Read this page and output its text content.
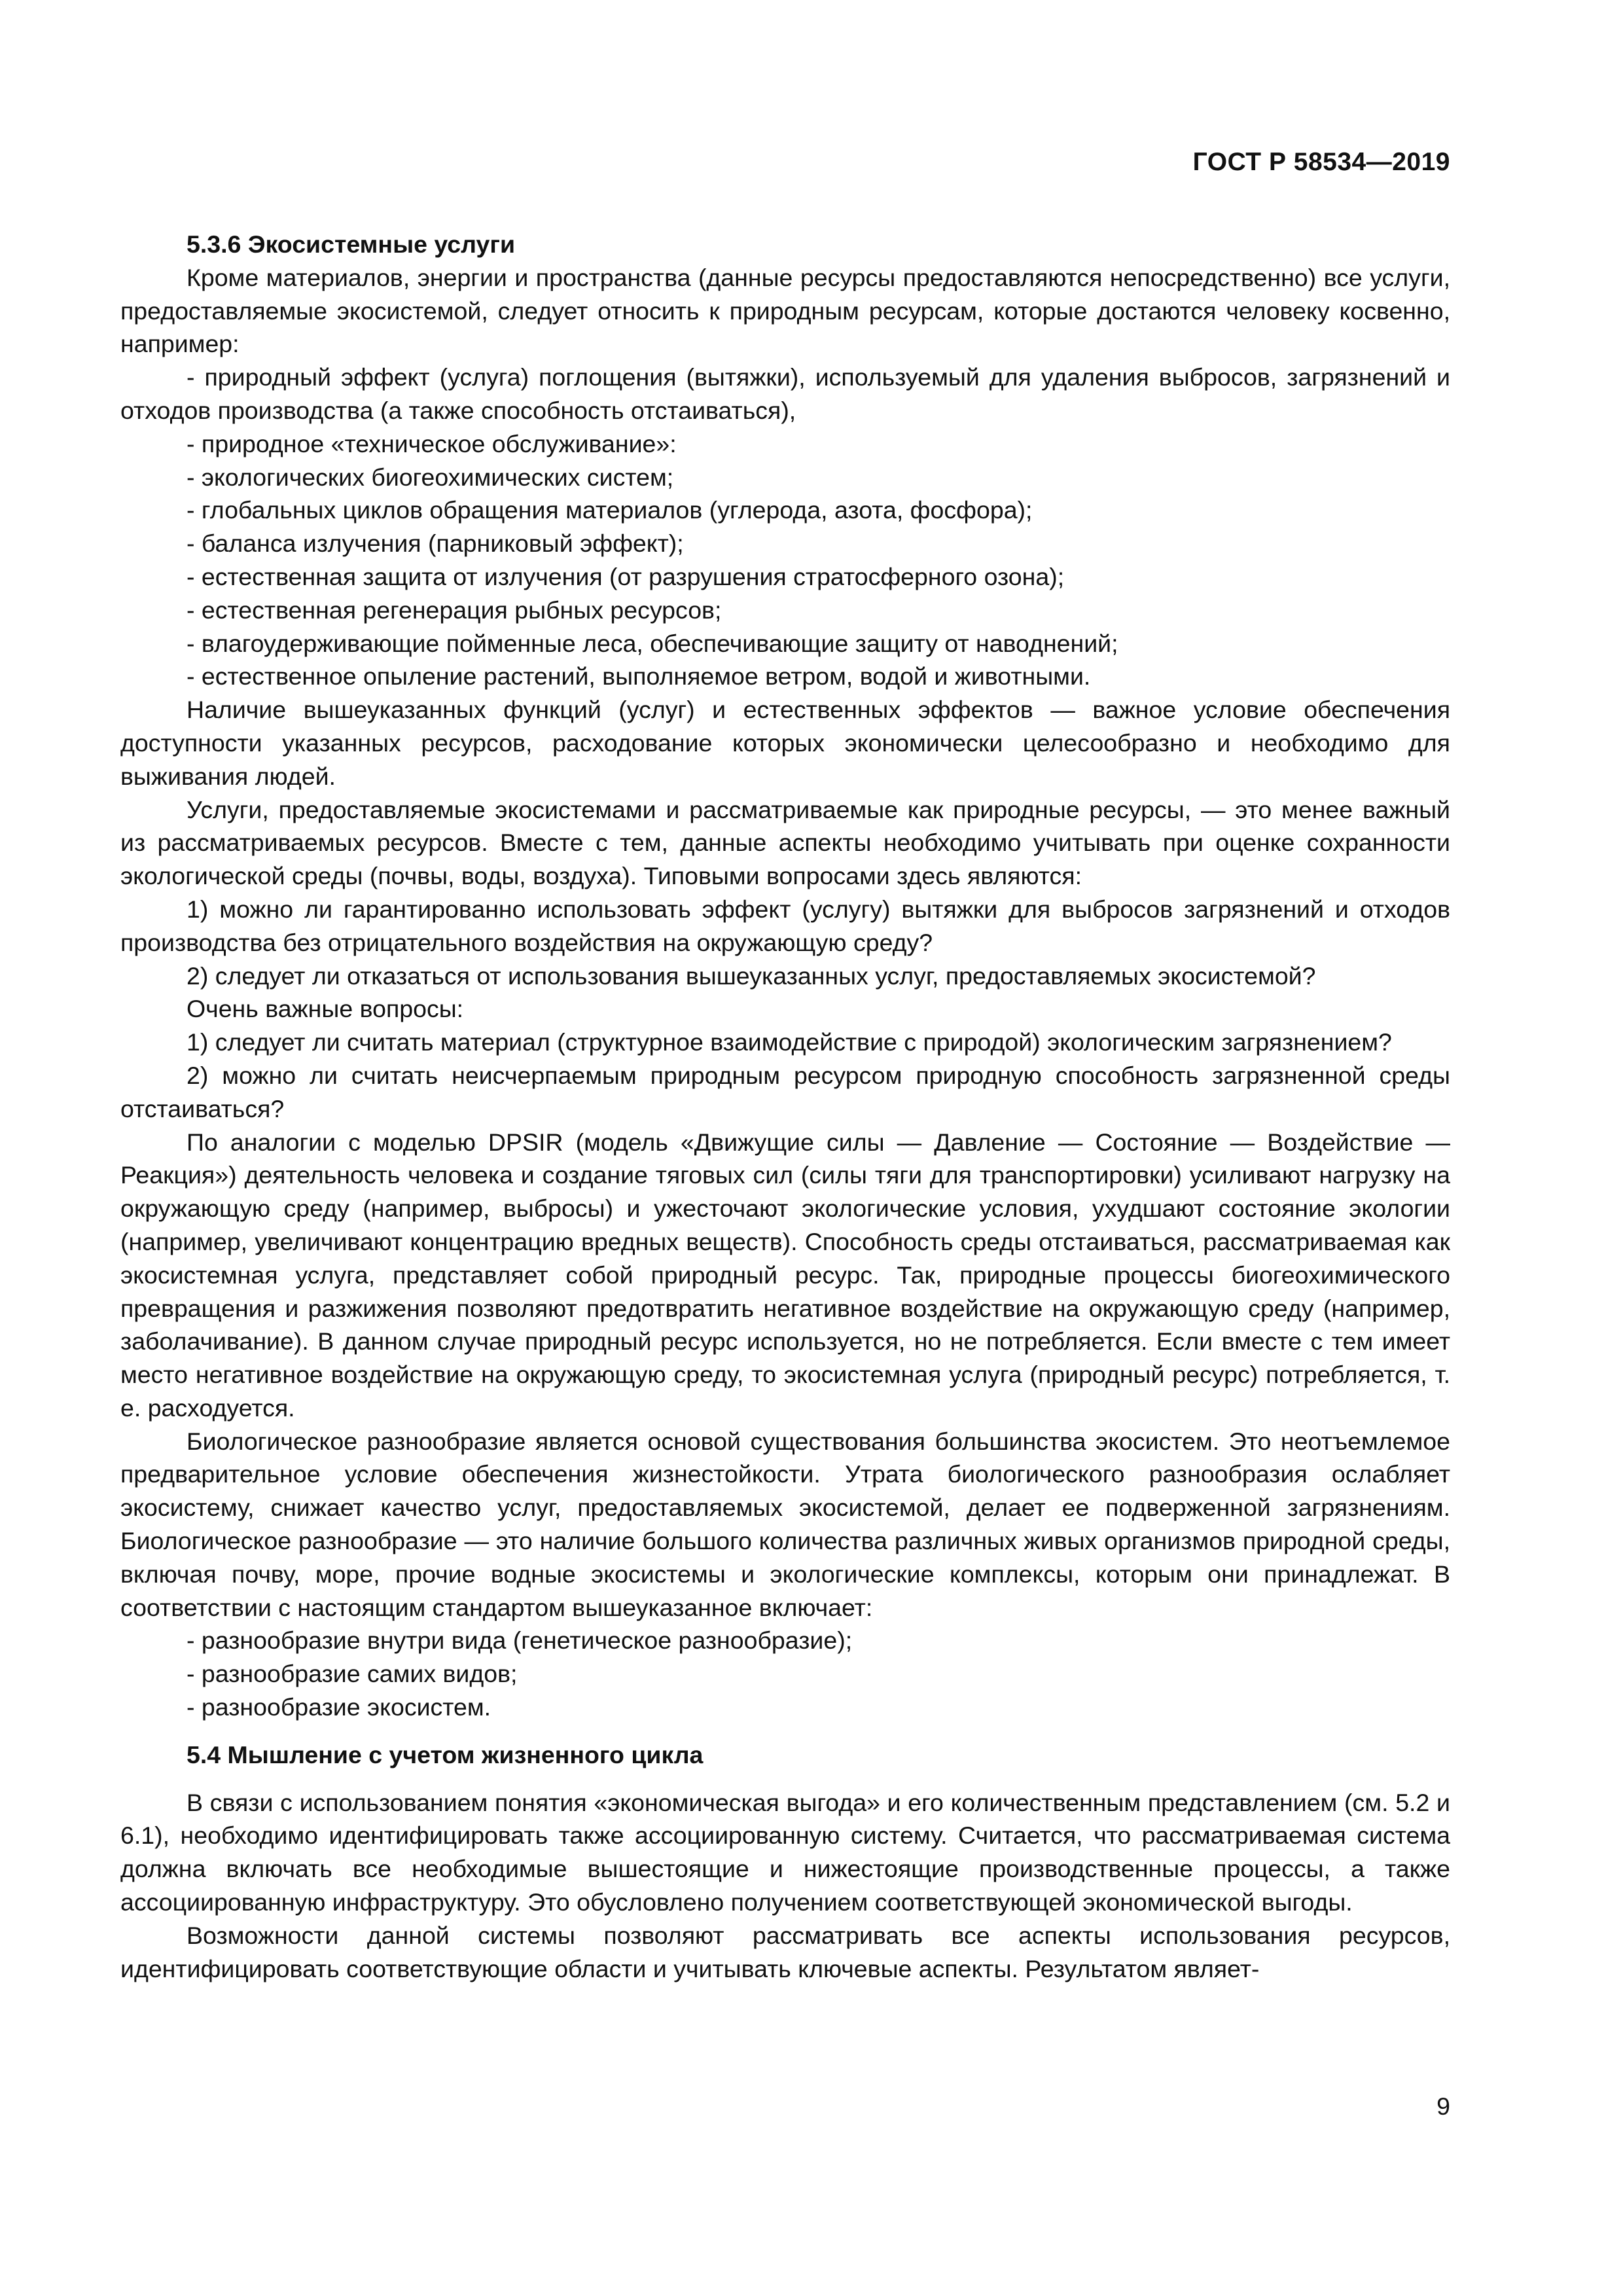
ГОСТ Р 58534—2019
5.3.6 Экосистемные услуги

Кроме материалов, энергии и пространства (данные ресурсы предоставляются непосредственно) все услуги, предоставляемые экосистемой, следует относить к природным ресурсам, которые достаются человеку косвенно, например:

- природный эффект (услуга) поглощения (вытяжки), используемый для удаления выбросов, загрязнений и отходов производства (а также способность отстаиваться),
- природное «техническое обслуживание»:
- экологических биогеохимических систем;
- глобальных циклов обращения материалов (углерода, азота, фосфора);
- баланса излучения (парниковый эффект);
- естественная защита от излучения (от разрушения стратосферного озона);
- естественная регенерация рыбных ресурсов;
- влагоудерживающие пойменные леса, обеспечивающие защиту от наводнений;
- естественное опыление растений, выполняемое ветром, водой и животными.

Наличие вышеуказанных функций (услуг) и естественных эффектов — важное условие обеспечения доступности указанных ресурсов, расходование которых экономически целесообразно и необходимо для выживания людей.

Услуги, предоставляемые экосистемами и рассматриваемые как природные ресурсы, — это менее важный из рассматриваемых ресурсов. Вместе с тем, данные аспекты необходимо учитывать при оценке сохранности экологической среды (почвы, воды, воздуха). Типовыми вопросами здесь являются:

1) можно ли гарантированно использовать эффект (услугу) вытяжки для выбросов загрязнений и отходов производства без отрицательного воздействия на окружающую среду?

2) следует ли отказаться от использования вышеуказанных услуг, предоставляемых экосистемой?

Очень важные вопросы:

1) следует ли считать материал (структурное взаимодействие с природой) экологическим загрязнением?

2) можно ли считать неисчерпаемым природным ресурсом природную способность загрязненной среды отстаиваться?

По аналогии с моделью DPSIR (модель «Движущие силы — Давление — Состояние — Воздействие — Реакция») деятельность человека и создание тяговых сил (силы тяги для транспортировки) усиливают нагрузку на окружающую среду (например, выбросы) и ужесточают экологические условия, ухудшают состояние экологии (например, увеличивают концентрацию вредных веществ). Способность среды отстаиваться, рассматриваемая как экосистемная услуга, представляет собой природный ресурс. Так, природные процессы биогеохимического превращения и разжижения позволяют предотвратить негативное воздействие на окружающую среду (например, заболачивание). В данном случае природный ресурс используется, но не потребляется. Если вместе с тем имеет место негативное воздействие на окружающую среду, то экосистемная услуга (природный ресурс) потребляется, т. е. расходуется.

Биологическое разнообразие является основой существования большинства экосистем. Это неотъемлемое предварительное условие обеспечения жизнестойкости. Утрата биологического разнообразия ослабляет экосистему, снижает качество услуг, предоставляемых экосистемой, делает ее подверженной загрязнениям. Биологическое разнообразие — это наличие большого количества различных живых организмов природной среды, включая почву, море, прочие водные экосистемы и экологические комплексы, которым они принадлежат. В соответствии с настоящим стандартом вышеуказанное включает:

- разнообразие внутри вида (генетическое разнообразие);
- разнообразие самих видов;
- разнообразие экосистем.
5.4 Мышление с учетом жизненного цикла

В связи с использованием понятия «экономическая выгода» и его количественным представлением (см. 5.2 и 6.1), необходимо идентифицировать также ассоциированную систему. Считается, что рассматриваемая система должна включать все необходимые вышестоящие и нижестоящие производственные процессы, а также ассоциированную инфраструктуру. Это обусловлено получением соответствующей экономической выгоды.

Возможности данной системы позволяют рассматривать все аспекты использования ресурсов, идентифицировать соответствующие области и учитывать ключевые аспекты. Результатом являет-

9
